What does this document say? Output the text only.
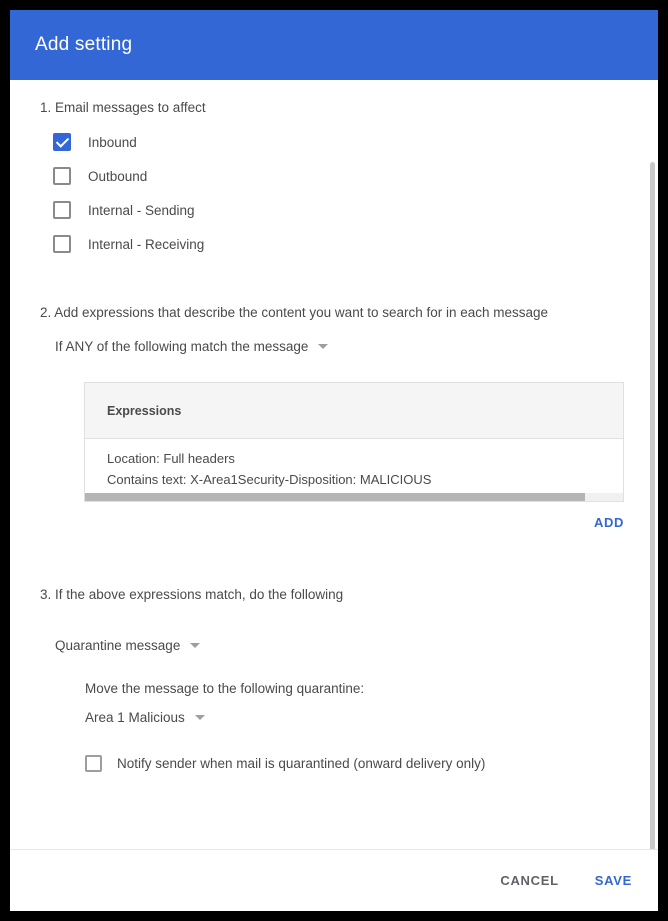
Add setting
1. Email messages to affect
Inbound
Outbound
Internal - Sending
Internal - Receiving
2. Add expressions that describe the content you want to search for in each message
If ANY of the following match the message
Expressions
Location: Full headers
Contains text: X-Area1Security-Disposition: MALICIOUS
ADD
3. If the above expressions match, do the following
Quarantine message
Move the message to the following quarantine:
Area 1 Malicious
Notify sender when mail is quarantined (onward delivery only)
CANCEL	SAVE
